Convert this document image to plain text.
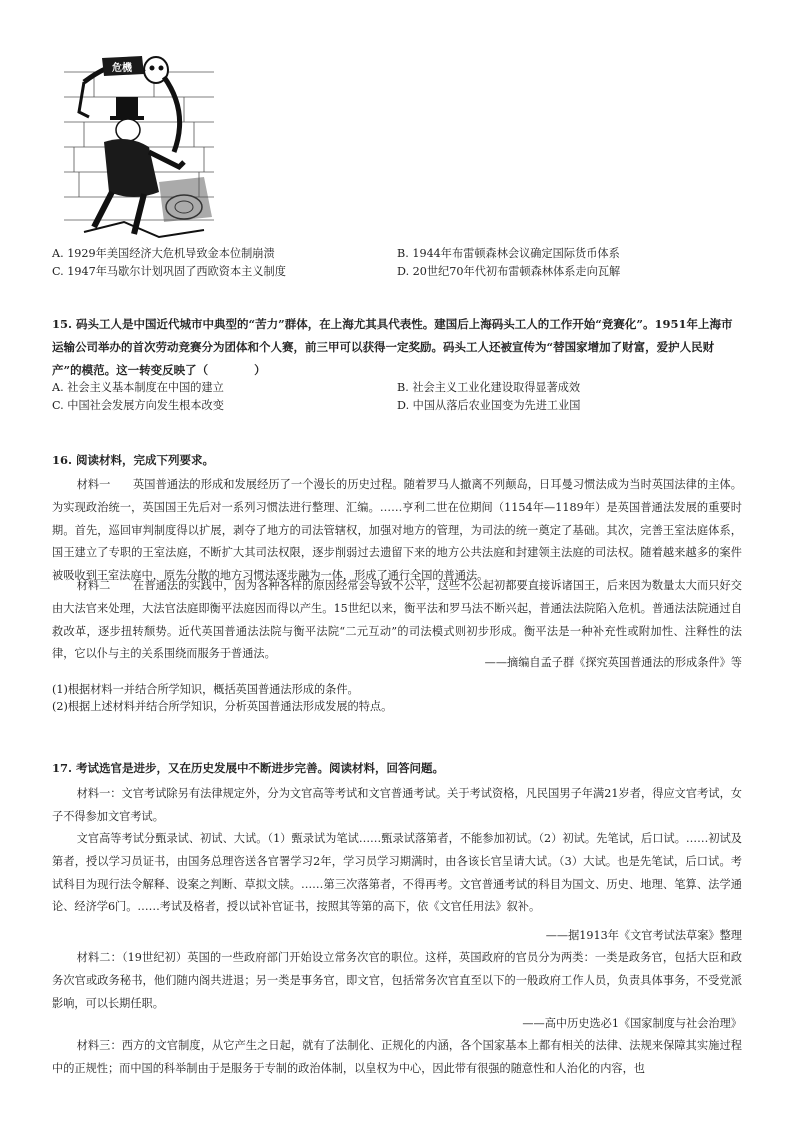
危機
A. 1929年美国经济大危机导致金本位制崩溃	B. 1944年布雷顿森林会议确定国际货币体系
C. 1947年马歇尔计划巩固了西欧资本主义制度	D. 20世纪70年代初布雷顿森林体系走向瓦解
15. 码头工人是中国近代城市中典型的“苦力”群体，在上海尤其具代表性。建国后上海码头工人的工作开始“竞赛化”。1951年上海市运输公司举办的首次劳动竞赛分为团体和个人赛，前三甲可以获得一定奖励。码头工人还被宣传为“替国家增加了财富，爱护人民财产”的模范。这一转变反映了（　　　　）
A. 社会主义基本制度在中国的建立	B. 社会主义工业化建设取得显著成效
C. 中国社会发展方向发生根本改变	D. 中国从落后农业国变为先进工业国
16. 阅读材料，完成下列要求。
材料一　　英国普通法的形成和发展经历了一个漫长的历史过程。随着罗马人撤离不列颠岛，日耳曼习惯法成为当时英国法律的主体。为实现政治统一，英国国王先后对一系列习惯法进行整理、汇编。……亨利二世在位期间（1154年—1189年）是英国普通法发展的重要时期。首先，巡回审判制度得以扩展，剥夺了地方的司法管辖权，加强对地方的管理，为司法的统一奠定了基础。其次，完善王室法庭体系，国王建立了专职的王室法庭，不断扩大其司法权限，逐步削弱过去遗留下来的地方公共法庭和封建领主法庭的司法权。随着越来越多的案件被吸收到王室法庭中，原先分散的地方习惯法逐步融为一体，形成了通行全国的普通法。
材料二　　在普通法的实践中，因为各种各样的原因经常会导致不公平，这些不公起初都要直接诉诸国王，后来因为数量太大而只好交由大法官来处理，大法官法庭即衡平法庭因而得以产生。15世纪以来，衡平法和罗马法不断兴起，普通法法院陷入危机。普通法法院通过自救改革，逐步扭转颓势。近代英国普通法法院与衡平法院“二元互动”的司法模式则初步形成。衡平法是一种补充性或附加性、注释性的法律，它以仆与主的关系围绕而服务于普通法。
——摘编自孟子群《探究英国普通法的形成条件》等
(1)根据材料一并结合所学知识，概括英国普通法形成的条件。
(2)根据上述材料并结合所学知识，分析英国普通法形成发展的特点。
17. 考试选官是进步，又在历史发展中不断进步完善。阅读材料，回答问题。
材料一：文官考试除另有法律规定外，分为文官高等考试和文官普通考试。关于考试资格，凡民国男子年满21岁者，得应文官考试，女子不得参加文官考试。
文官高等考试分甄录试、初试、大试。（1）甄录试为笔试……甄录试落第者，不能参加初试。（2）初试。先笔试，后口试。……初试及第者，授以学习员证书，由国务总理咨送各官署学习2年，学习员学习期满时，由各该长官呈请大试。（3）大试。也是先笔试，后口试。考试科目为现行法令解释、设案之判断、草拟文牍。……第三次落第者，不得再考。文官普通考试的科目为国文、历史、地理、笔算、法学通论、经济学6门。……考试及格者，授以试补官证书，按照其等第的高下，依《文官任用法》叙补。
——据1913年《文官考试法草案》整理
材料二：（19世纪初）英国的一些政府部门开始设立常务次官的职位。这样，英国政府的官员分为两类：一类是政务官，包括大臣和政务次官或政务秘书，他们随内阁共进退；另一类是事务官，即文官，包括常务次官直至以下的一般政府工作人员，负责具体事务，不受党派影响，可以长期任职。
——高中历史选必1《国家制度与社会治理》
材料三：西方的文官制度，从它产生之日起，就有了法制化、正规化的内涵，各个国家基本上都有相关的法律、法规来保障其实施过程中的正规性；而中国的科举制由于是服务于专制的政治体制，以皇权为中心，因此带有很强的随意性和人治化的内容，也
